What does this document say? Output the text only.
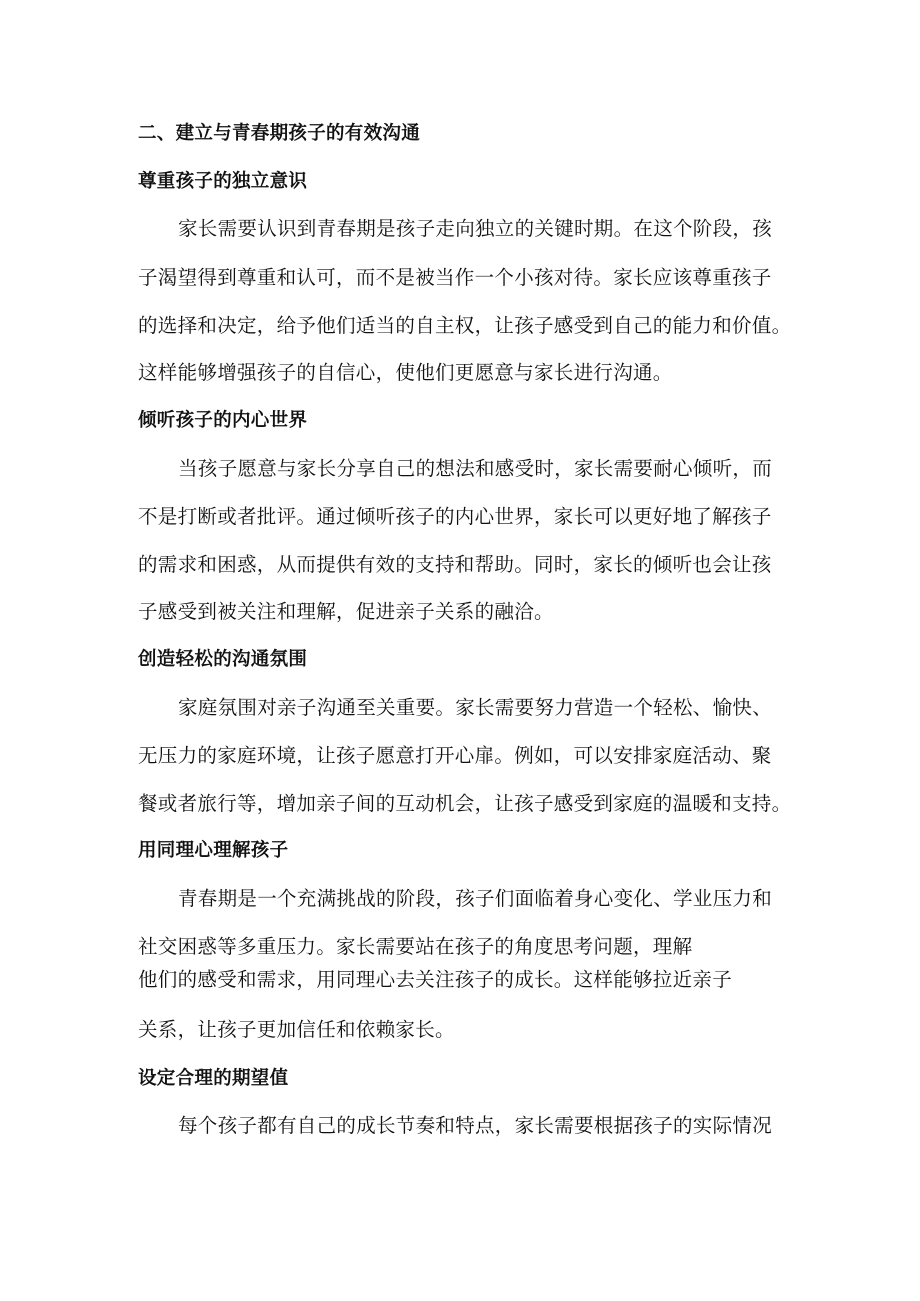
二、建立与青春期孩子的有效沟通
尊重孩子的独立意识
家长需要认识到青春期是孩子走向独立的关键时期。在这个阶段，孩
子渴望得到尊重和认可，而不是被当作一个小孩对待。家长应该尊重孩子
的选择和决定，给予他们适当的自主权，让孩子感受到自己的能力和价值。
这样能够增强孩子的自信心，使他们更愿意与家长进行沟通。
倾听孩子的内心世界
当孩子愿意与家长分享自己的想法和感受时，家长需要耐心倾听，而
不是打断或者批评。通过倾听孩子的内心世界，家长可以更好地了解孩子
的需求和困惑，从而提供有效的支持和帮助。同时，家长的倾听也会让孩
子感受到被关注和理解，促进亲子关系的融洽。
创造轻松的沟通氛围
家庭氛围对亲子沟通至关重要。家长需要努力营造一个轻松、愉快、
无压力的家庭环境，让孩子愿意打开心扉。例如，可以安排家庭活动、聚
餐或者旅行等，增加亲子间的互动机会，让孩子感受到家庭的温暖和支持。
用同理心理解孩子
青春期是一个充满挑战的阶段，孩子们面临着身心变化、学业压力和
社交困惑等多重压力。家长需要站在孩子的角度思考问题，理解
他们的感受和需求，用同理心去关注孩子的成长。这样能够拉近亲子
关系，让孩子更加信任和依赖家长。
设定合理的期望值
每个孩子都有自己的成长节奏和特点，家长需要根据孩子的实际情况
